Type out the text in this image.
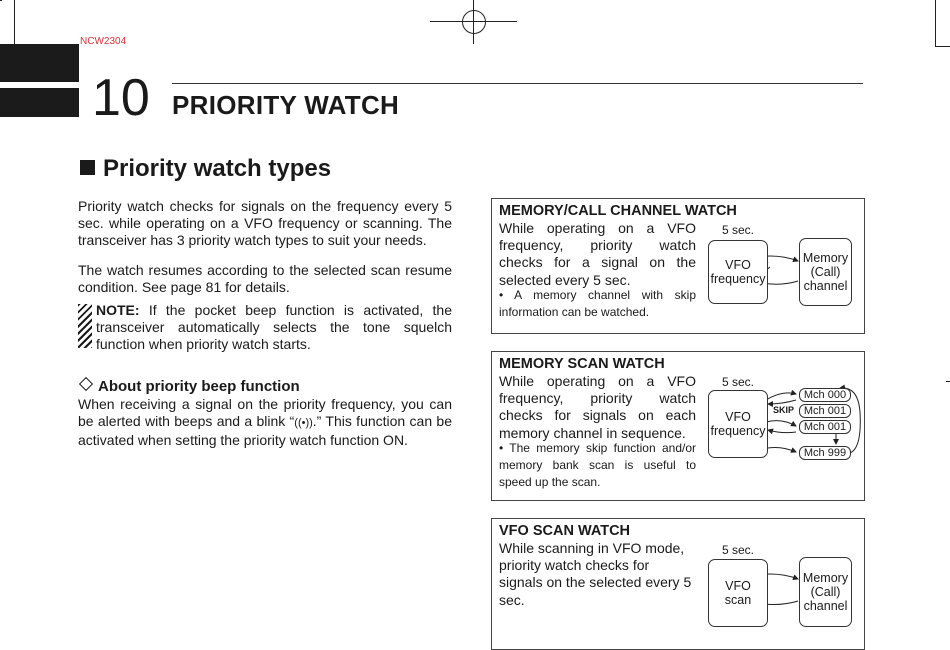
NCW2304
10 PRIORITY WATCH
Priority watch types
Priority watch checks for signals on the frequency every 5 sec. while operating on a VFO frequency or scanning. The transceiver has 3 priority watch types to suit your needs.
The watch resumes according to the selected scan resume condition. See page 81 for details.
NOTE: If the pocket beep function is activated, the transceiver automatically selects the tone squelch function when priority watch starts.
About priority beep function
When receiving a signal on the priority frequency, you can be alerted with beeps and a blink “((•)).” This function can be activated when setting the priority watch function ON.
MEMORY/CALL CHANNEL WATCH
While operating on a VFO frequency, priority watch checks for a signal on the selected every 5 sec.
• A memory channel with skip information can be watched.
5 sec.
VFO
frequency
Memory
(Call)
channel
MEMORY SCAN WATCH
While operating on a VFO frequency, priority watch checks for signals on each memory channel in sequence.
• The memory skip function and/or memory bank scan is useful to speed up the scan.
5 sec.
VFO
frequency
SKIP
Mch 000
Mch 001
Mch 001
Mch 999
VFO SCAN WATCH
While scanning in VFO mode, priority watch checks for signals on the selected every 5 sec.
5 sec.
VFO
scan
Memory
(Call)
channel
